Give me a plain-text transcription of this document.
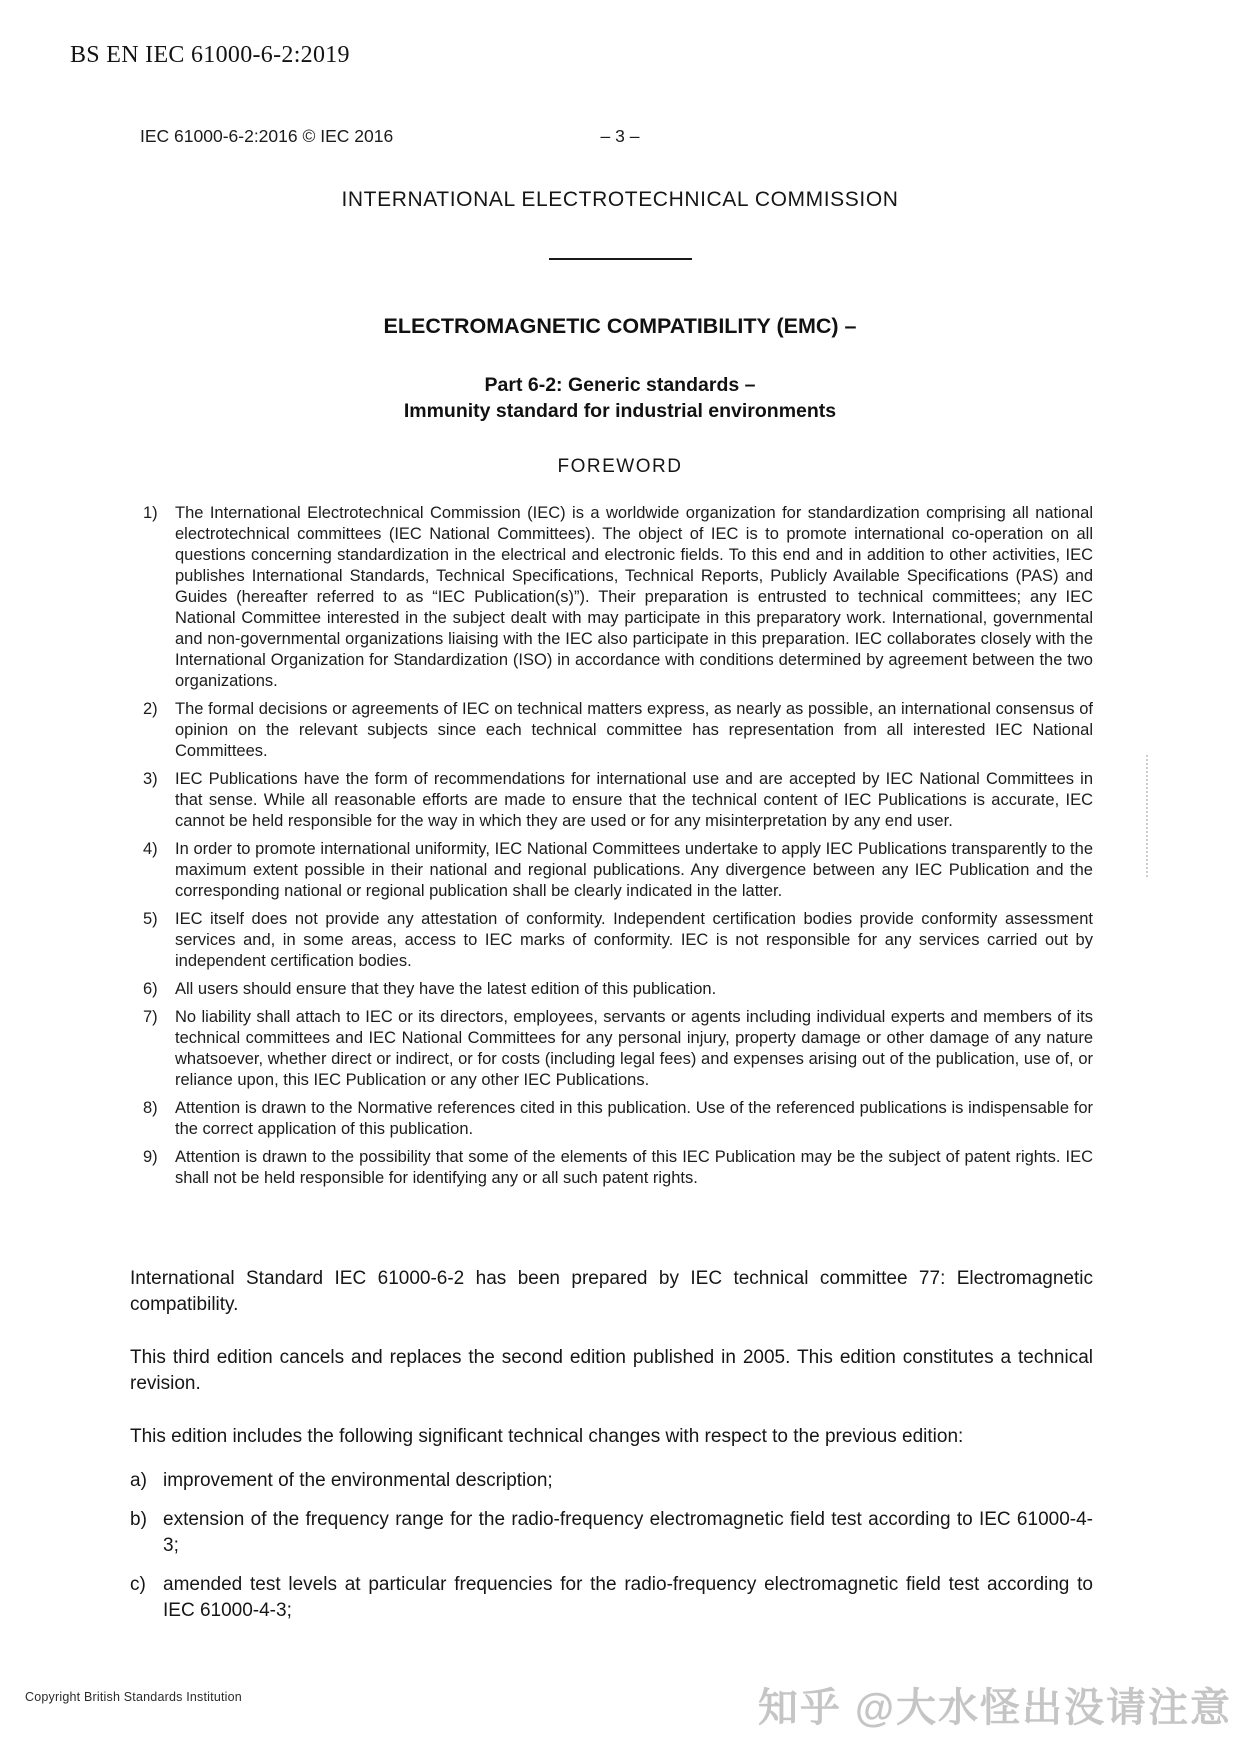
BS EN IEC 61000-6-2:2019
IEC 61000-6-2:2016 © IEC 2016	– 3 –
INTERNATIONAL ELECTROTECHNICAL COMMISSION
ELECTROMAGNETIC COMPATIBILITY (EMC) –
Part 6-2: Generic standards –
Immunity standard for industrial environments
FOREWORD
1)	The International Electrotechnical Commission (IEC) is a worldwide organization for standardization comprising all national electrotechnical committees (IEC National Committees). The object of IEC is to promote international co-operation on all questions concerning standardization in the electrical and electronic fields. To this end and in addition to other activities, IEC publishes International Standards, Technical Specifications, Technical Reports, Publicly Available Specifications (PAS) and Guides (hereafter referred to as “IEC Publication(s)”). Their preparation is entrusted to technical committees; any IEC National Committee interested in the subject dealt with may participate in this preparatory work. International, governmental and non-governmental organizations liaising with the IEC also participate in this preparation. IEC collaborates closely with the International Organization for Standardization (ISO) in accordance with conditions determined by agreement between the two organizations.
2)	The formal decisions or agreements of IEC on technical matters express, as nearly as possible, an international consensus of opinion on the relevant subjects since each technical committee has representation from all interested IEC National Committees.
3)	IEC Publications have the form of recommendations for international use and are accepted by IEC National Committees in that sense. While all reasonable efforts are made to ensure that the technical content of IEC Publications is accurate, IEC cannot be held responsible for the way in which they are used or for any misinterpretation by any end user.
4)	In order to promote international uniformity, IEC National Committees undertake to apply IEC Publications transparently to the maximum extent possible in their national and regional publications. Any divergence between any IEC Publication and the corresponding national or regional publication shall be clearly indicated in the latter.
5)	IEC itself does not provide any attestation of conformity. Independent certification bodies provide conformity assessment services and, in some areas, access to IEC marks of conformity. IEC is not responsible for any services carried out by independent certification bodies.
6)	All users should ensure that they have the latest edition of this publication.
7)	No liability shall attach to IEC or its directors, employees, servants or agents including individual experts and members of its technical committees and IEC National Committees for any personal injury, property damage or other damage of any nature whatsoever, whether direct or indirect, or for costs (including legal fees) and expenses arising out of the publication, use of, or reliance upon, this IEC Publication or any other IEC Publications.
8)	Attention is drawn to the Normative references cited in this publication. Use of the referenced publications is indispensable for the correct application of this publication.
9)	Attention is drawn to the possibility that some of the elements of this IEC Publication may be the subject of patent rights. IEC shall not be held responsible for identifying any or all such patent rights.

International Standard IEC 61000-6-2 has been prepared by IEC technical committee 77: Electromagnetic compatibility.

This third edition cancels and replaces the second edition published in 2005. This edition constitutes a technical revision.

This edition includes the following significant technical changes with respect to the previous edition:

a) improvement of the environmental description;
b) extension of the frequency range for the radio-frequency electromagnetic field test according to IEC 61000-4-3;
c) amended test levels at particular frequencies for the radio-frequency electromagnetic field test according to IEC 61000-4-3;
Copyright British Standards Institution	知乎 @大水怪出没请注意
